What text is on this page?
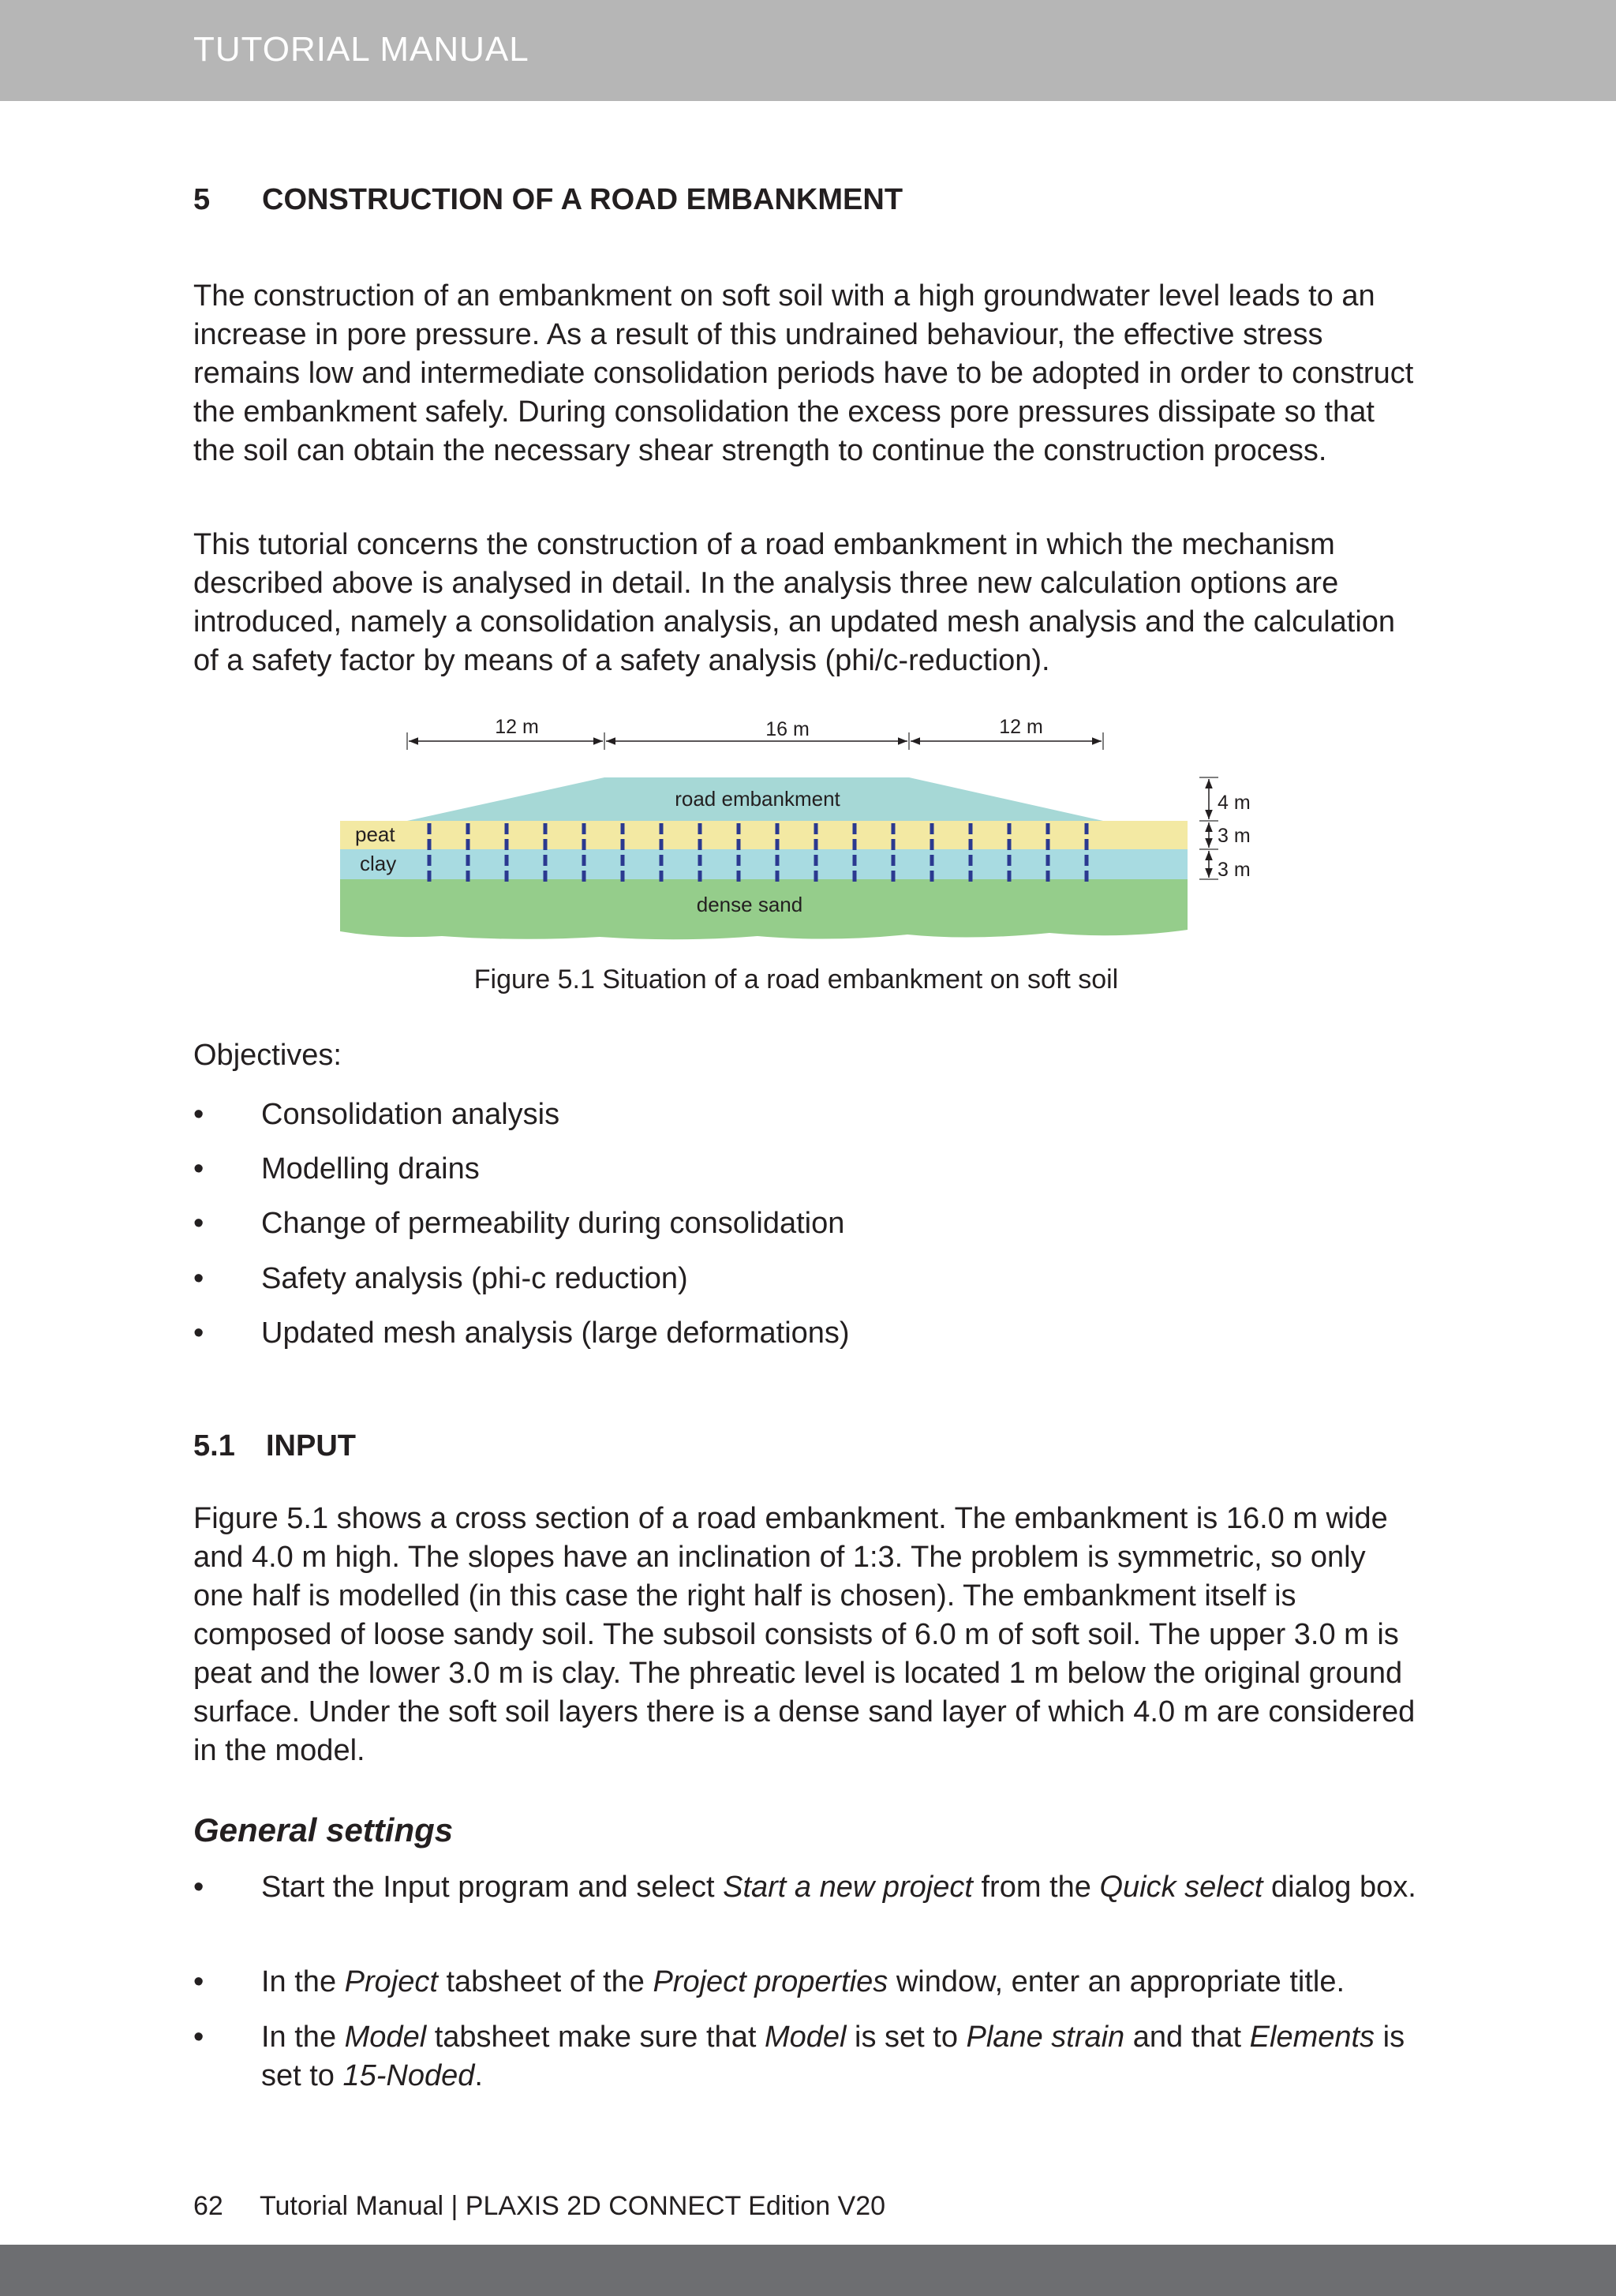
TUTORIAL MANUAL
5 CONSTRUCTION OF A ROAD EMBANKMENT
The construction of an embankment on soft soil with a high groundwater level leads to an increase in pore pressure. As a result of this undrained behaviour, the effective stress remains low and intermediate consolidation periods have to be adopted in order to construct the embankment safely. During consolidation the excess pore pressures dissipate so that the soil can obtain the necessary shear strength to continue the construction process.
This tutorial concerns the construction of a road embankment in which the mechanism described above is analysed in detail. In the analysis three new calculation options are introduced, namely a consolidation analysis, an updated mesh analysis and the calculation of a safety factor by means of a safety analysis (phi/c-reduction).
12 m	16 m	12 m
road embankment
peat
clay
dense sand
4 m
3 m
3 m
Figure 5.1 Situation of a road embankment on soft soil
Objectives:
• Consolidation analysis
• Modelling drains
• Change of permeability during consolidation
• Safety analysis (phi-c reduction)
• Updated mesh analysis (large deformations)
5.1 INPUT
Figure 5.1 shows a cross section of a road embankment. The embankment is 16.0 m wide and 4.0 m high. The slopes have an inclination of 1:3. The problem is symmetric, so only one half is modelled (in this case the right half is chosen). The embankment itself is composed of loose sandy soil. The subsoil consists of 6.0 m of soft soil. The upper 3.0 m is peat and the lower 3.0 m is clay. The phreatic level is located 1 m below the original ground surface. Under the soft soil layers there is a dense sand layer of which 4.0 m are considered in the model.
General settings
• Start the Input program and select Start a new project from the Quick select dialog box.
• In the Project tabsheet of the Project properties window, enter an appropriate title.
• In the Model tabsheet make sure that Model is set to Plane strain and that Elements is set to 15-Noded.
62 Tutorial Manual | PLAXIS 2D CONNECT Edition V20
